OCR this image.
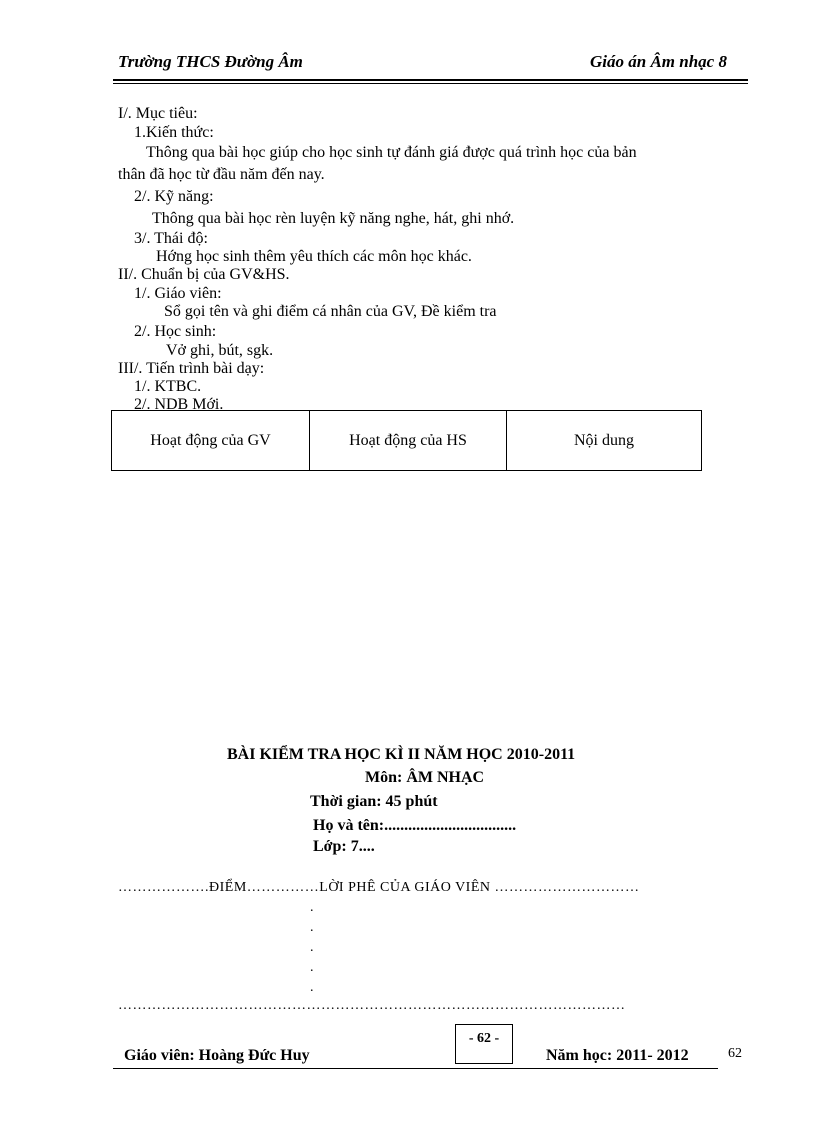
Trường THCS Đường Âm	Giáo án Âm nhạc 8
I/. Mục tiêu:
1.Kiến thức:
Thông qua bài học giúp cho học sinh tự đánh giá được quá trình học của bản
thân đã học từ đầu năm đến nay.
2/. Kỹ năng:
Thông qua bài học rèn luyện kỹ năng nghe, hát, ghi nhớ.
3/. Thái độ:
Hớng học sinh thêm yêu thích các môn học khác.
II/. Chuẩn bị của GV&HS.
1/. Giáo viên:
Sổ gọi tên và ghi điểm cá nhân của GV, Đề kiểm tra
2/. Học sinh:
Vở ghi, bút, sgk.
III/. Tiến trình bài dạy:
1/. KTBC.
2/. NDB Mới.
Hoạt động của GV	Hoạt động của HS	Nội dung
BÀI KIỂM TRA HỌC KÌ II NĂM HỌC 2010-2011
Môn: ÂM NHẠC
Thời gian: 45 phút
Họ và tên:.................................
Lớp: 7....
……………….ĐIỂM……………LỜI PHÊ CỦA GIÁO VIÊN …………………………
.
.
.
.
.
……………………………………………………………………………………………
- 62 -
Giáo viên: Hoàng Đức Huy	Năm học: 2011- 2012	62
